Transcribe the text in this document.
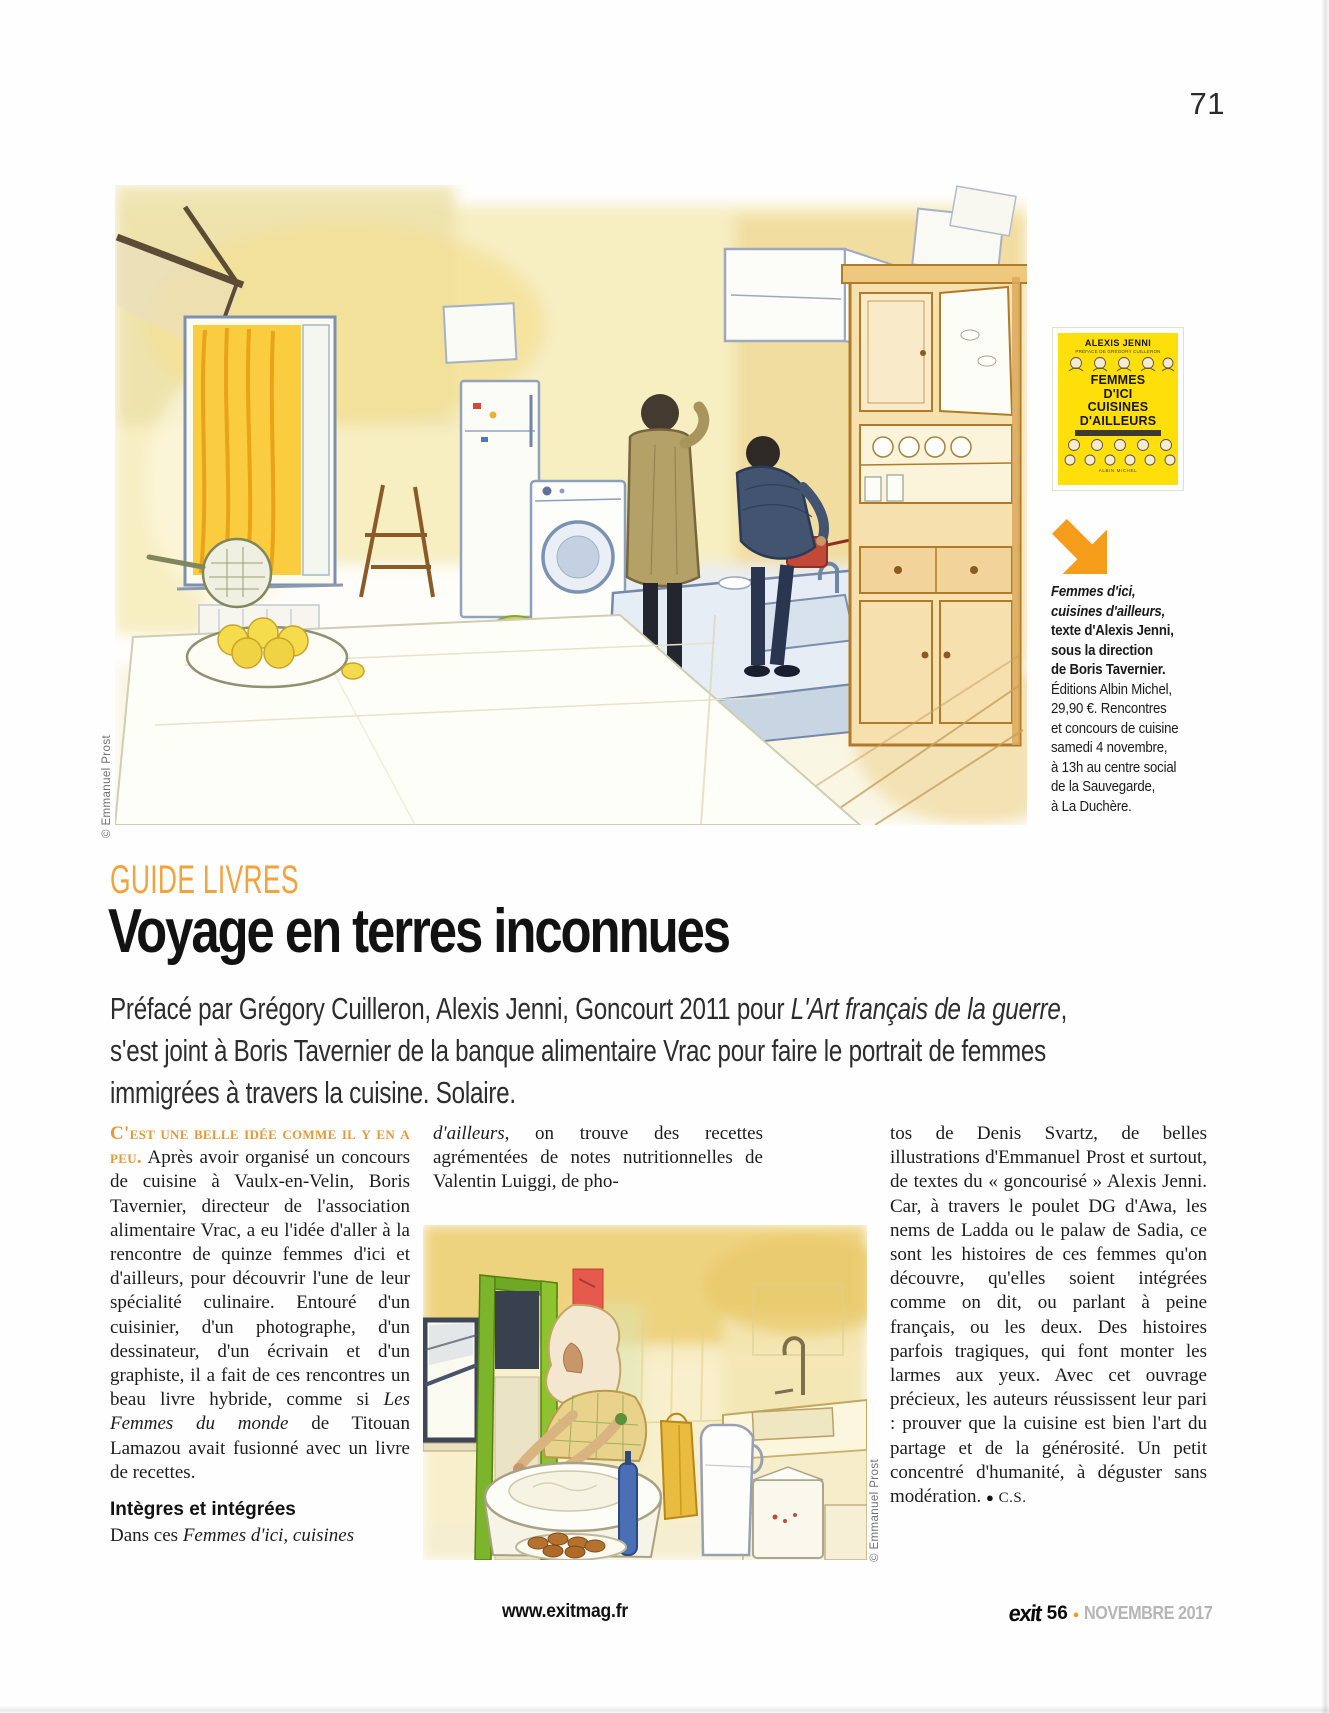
71
© Emmanuel Prost
ALEXIS JENNI
PRÉFACE DE GRÉGORY CUILLERON
FEMMES
D'ICI
CUISINES
D'AILLEURS
ALBIN MICHEL
Femmes d'ici,
cuisines d'ailleurs,
texte d'Alexis Jenni,
sous la direction
de Boris Tavernier.
Éditions Albin Michel,
29,90 €. Rencontres
et concours de cuisine
samedi 4 novembre,
à 13h au centre social
de la Sauvegarde,
à La Duchère.
GUIDE LIVRES
Voyage en terres inconnues

Préfacé par Grégory Cuilleron, Alexis Jenni, Goncourt 2011 pour L'Art français de la guerre, s'est joint à Boris Tavernier de la banque alimentaire Vrac pour faire le portrait de femmes immigrées à travers la cuisine. Solaire.

C'est une belle idée comme il y en a peu. Après avoir organisé un concours de cuisine à Vaulx-en-Velin, Boris Tavernier, directeur de l'association alimentaire Vrac, a eu l'idée d'aller à la rencontre de quinze femmes d'ici et d'ailleurs, pour découvrir l'une de leur spécialité culinaire. Entouré d'un cuisinier, d'un photographe, d'un dessinateur, d'un écrivain et d'un graphiste, il a fait de ces rencontres un beau livre hybride, comme si Les Femmes du monde de Titouan Lamazou avait fusionné avec un livre de recettes.

Intègres et intégrées

Dans ces Femmes d'ici, cuisines

d'ailleurs, on trouve des recettes agrémentées de notes nutritionnelles de Valentin Luiggi, de pho-

© Emmanuel Prost

tos de Denis Svartz, de belles illustrations d'Emmanuel Prost et surtout, de textes du « goncourisé » Alexis Jenni. Car, à travers le poulet DG d'Awa, les nems de Ladda ou le palaw de Sadia, ce sont les histoires de ces femmes qu'on découvre, qu'elles soient intégrées comme on dit, ou parlant à peine français, ou les deux. Des histoires parfois tragiques, qui font monter les larmes aux yeux. Avec cet ouvrage précieux, les auteurs réussissent leur pari : prouver que la cuisine est bien l'art du partage et de la générosité. Un petit concentré d'humanité, à déguster sans modération. ● C.S.

www.exitmag.fr	exit 56 ● NOVEMBRE 2017
